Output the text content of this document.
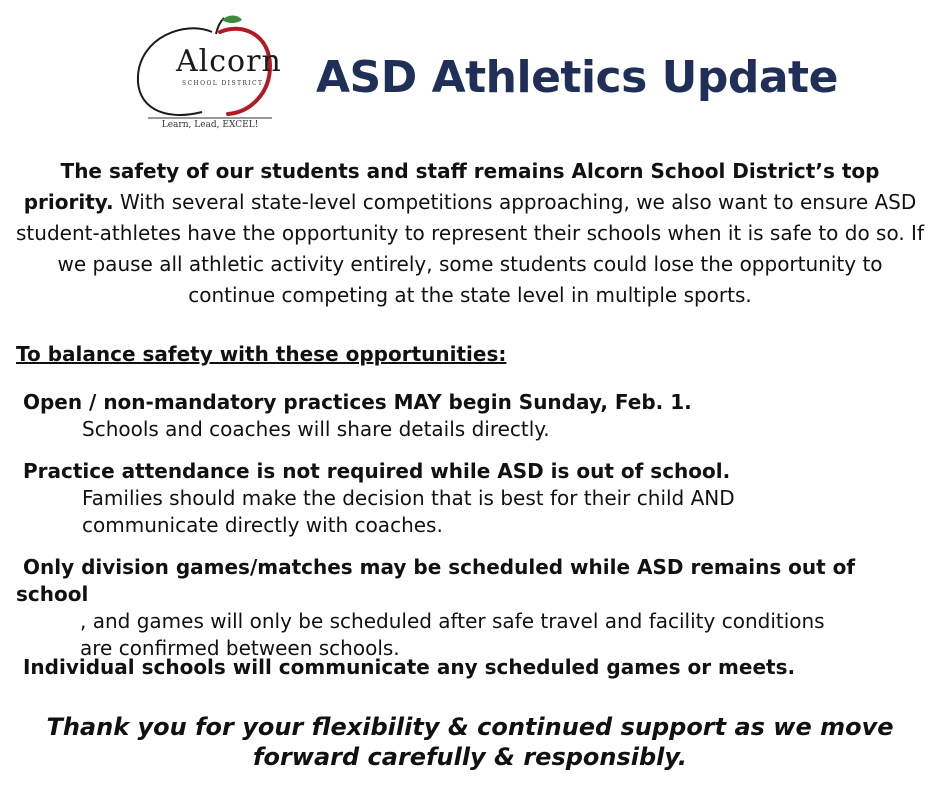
Alcorn
SCHOOL DISTRICT
Learn, Lead, EXCEL!
ASD Athletics Update
The safety of our students and staff remains Alcorn School District’s top priority. With several state-level competitions approaching, we also want to ensure ASD student-athletes have the opportunity to represent their schools when it is safe to do so. If we pause all athletic activity entirely, some students could lose the opportunity to continue competing at the state level in multiple sports.
To balance safety with these opportunities:
Open / non-mandatory practices MAY begin Sunday, Feb. 1.
Schools and coaches will share details directly.
Practice attendance is not required while ASD is out of school.
Families should make the decision that is best for their child AND communicate directly with coaches.
Only division games/matches may be scheduled while ASD remains out of school
, and games will only be scheduled after safe travel and facility conditions are confirmed between schools.
Individual schools will communicate any scheduled games or meets.
Thank you for your flexibility & continued support as we move forward carefully & responsibly.
